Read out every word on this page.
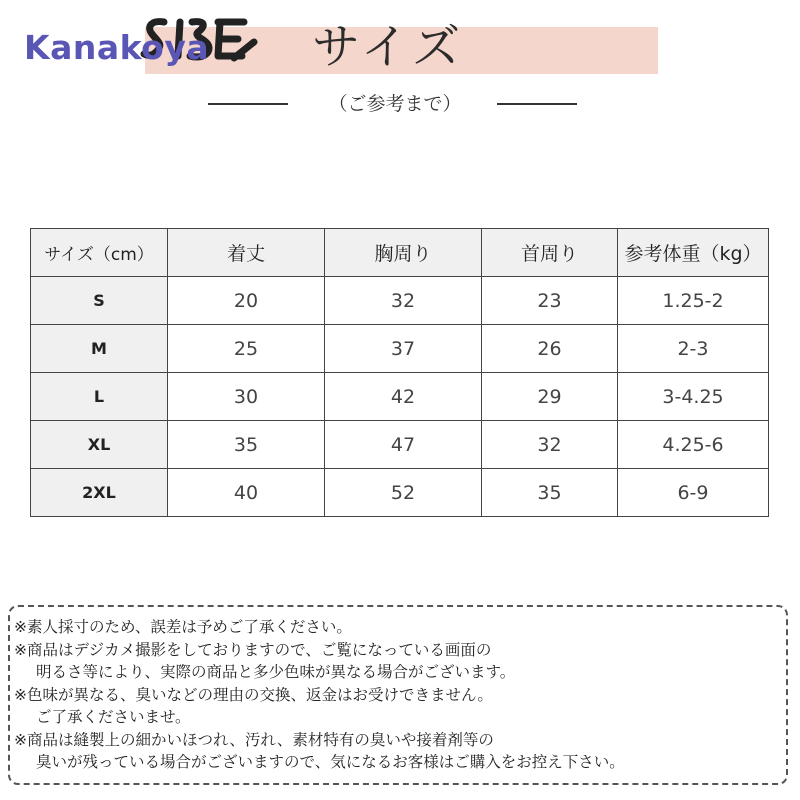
Kanakoya サイズ
（ご参考まで）
サイズ（cm）	着丈	胸周り	首周り	参考体重（kg）
S	20	32	23	1.25-2
M	25	37	26	2-3
L	30	42	29	3-4.25
XL	35	47	32	4.25-6
2XL	40	52	35	6-9
※素人採寸のため、誤差は予めご了承ください。
※商品はデジカメ撮影をしておりますので、ご覧になっている画面の
明るさ等により、実際の商品と多少色味が異なる場合がございます。
※色味が異なる、臭いなどの理由の交換、返金はお受けできません。
ご了承くださいませ。
※商品は縫製上の細かいほつれ、汚れ、素材特有の臭いや接着剤等の
臭いが残っている場合がございますので、気になるお客様はご購入をお控え下さい。
